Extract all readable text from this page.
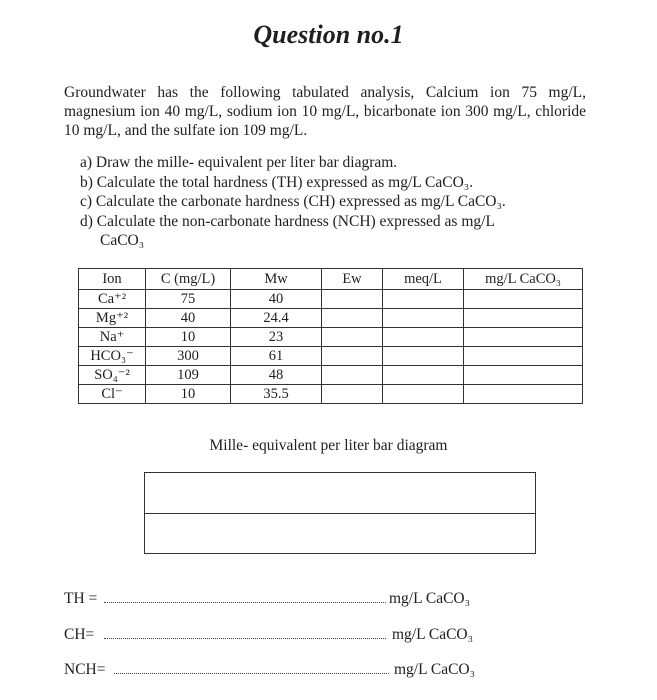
Question no.1
Groundwater has the following tabulated analysis, Calcium ion 75 mg/L, magnesium ion 40 mg/L, sodium ion 10 mg/L, bicarbonate ion 300 mg/L, chloride 10 mg/L, and the sulfate ion 109 mg/L.
a) Draw the mille- equivalent per liter bar diagram.
b) Calculate the total hardness (TH) expressed as mg/L CaCO₃.
c) Calculate the carbonate hardness (CH) expressed as mg/L CaCO₃.
d) Calculate the non-carbonate hardness (NCH) expressed as mg/L
CaCO₃
Ion	C (mg/L)	Mw	Ew	meq/L	mg/L CaCO₃
Ca⁺²	75	40			
Mg⁺²	40	24.4			
Na⁺	10	23			
HCO₃⁻	300	61			
SO₄⁻²	109	48			
Cl⁻	10	35.5			
Mille- equivalent per liter bar diagram
TH =	mg/L CaCO₃
CH=	mg/L CaCO₃
NCH=	mg/L CaCO₃
